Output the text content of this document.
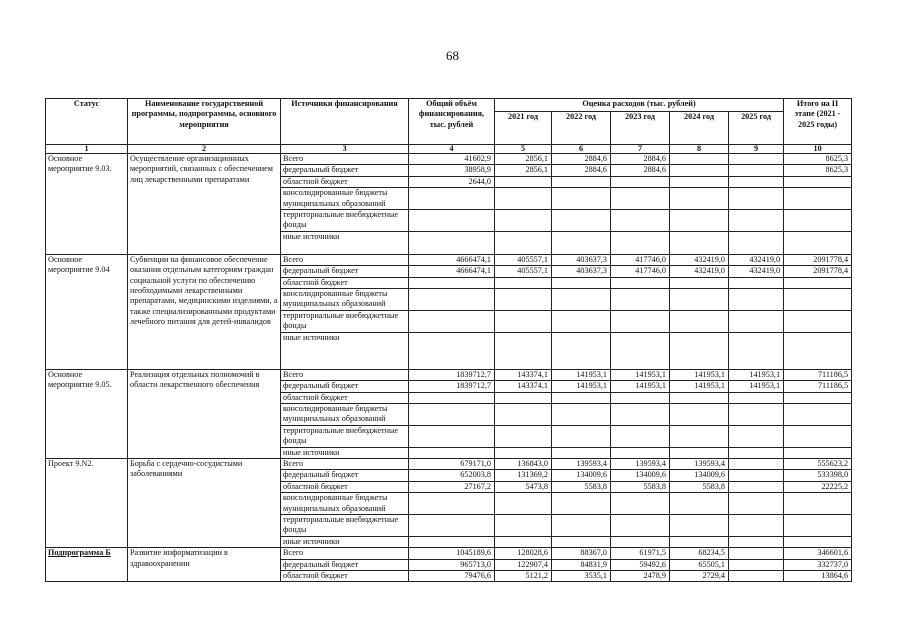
68
Статус	Наименование государственной программы, подпрограммы, основного мероприятия	Источники финансирования	Общий объём финансирования, тыс. рублей	Оценка расходов (тыс. рублей)					Итого на II этапе (2021 - 2025 годы)
				2021 год	2022 год	2023 год	2024 год	2025 год	
1	2	3	4	5	6	7	8	9	10
Основное мероприятие 9.03.	Осуществление организационных мероприятий, связанных с обеспечением лиц лекарственными препаратами	Всего	41602,9	2856,1	2884,6	2884,6			8625,3
		федеральный бюджет	38958,9	2856,1	2884,6	2884,6			8625,3
		областной бюджет	2644,0						
		консолидированные бюджеты муниципальных образований							
		территориальные внебюджетные фонды							
		иные источники							
Основное мероприятие 9.04	Субвенции на финансовое обеспечение оказания отдельным категориям граждан социальной услуги по обеспечению необходимыми лекарственными препаратами, медицинскими изделиями, а также специализированными продуктами лечебного питания для детей-инвалидов	Всего	4666474,1	405557,1	403637,3	417746,0	432419,0	432419,0	2091778,4
		федеральный бюджет	4666474,1	405557,1	403637,3	417746,0	432419,0	432419,0	2091778,4
		областной бюджет							
		консолидированные бюджеты муниципальных образований							
		территориальные внебюджетные фонды							
		иные источники							
Основное мероприятие 9.05.	Реализация отдельных полномочий в области лекарственного обеспечения	Всего	1839712,7	143374,1	141953,1	141953,1	141953,1	141953,1	711186,5
		федеральный бюджет	1839712,7	143374,1	141953,1	141953,1	141953,1	141953,1	711186,5
		областной бюджет							
		консолидированные бюджеты муниципальных образований							
		территориальные внебюджетные фонды							
		иные источники							
Проект 9.N2.	Борьба с сердечно-сосудистыми заболеваниями	Всего	679171,0	136843,0	139593,4	139593,4	139593,4		555623,2
		федеральный бюджет	652003,8	131369,2	134009,6	134009,6	134009,6		533398,0
		областной бюджет	27167,2	5473,8	5583,8	5583,8	5583,8		22225,2
		консолидированные бюджеты муниципальных образований							
		территориальные внебюджетные фонды							
		иные источники							
Подпрограмма Б	Развитие информатизации в здравоохранении	Всего	1045189,6	128028,6	88367,0	61971,5	68234,5		346601,6
		федеральный бюджет	965713,0	122907,4	84831,9	59492,6	65505,1		332737,0
		областной бюджет	79476,6	5121,2	3535,1	2478,9	2729,4		13864,6
